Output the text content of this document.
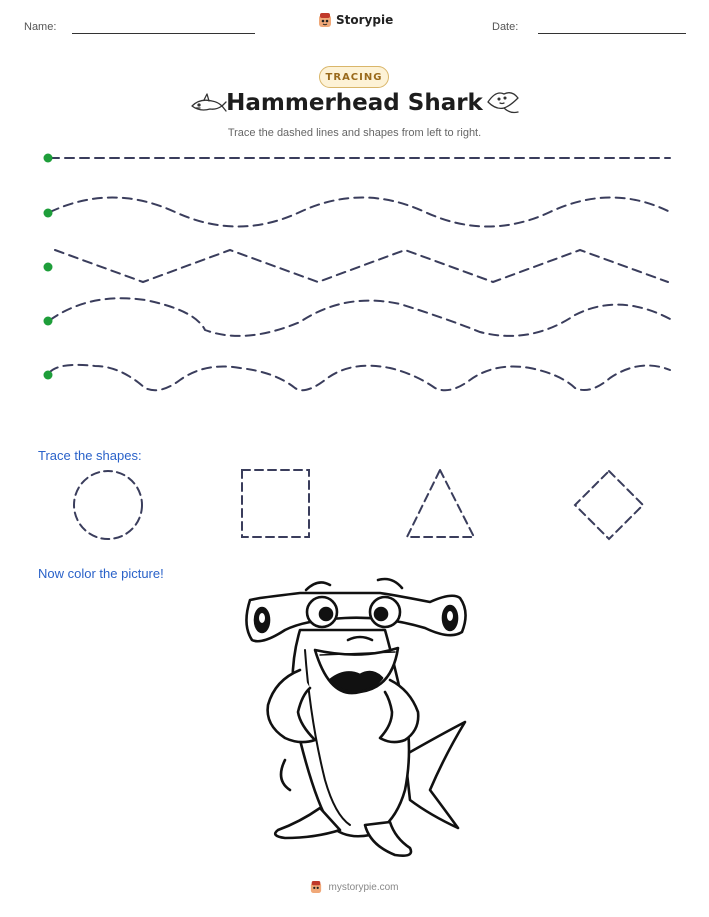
Name:	Date:
Storypie
TRACING
Hammerhead Shark
Trace the dashed lines and shapes from left to right.
Trace the shapes:
Now color the picture!
mystorypie.com
